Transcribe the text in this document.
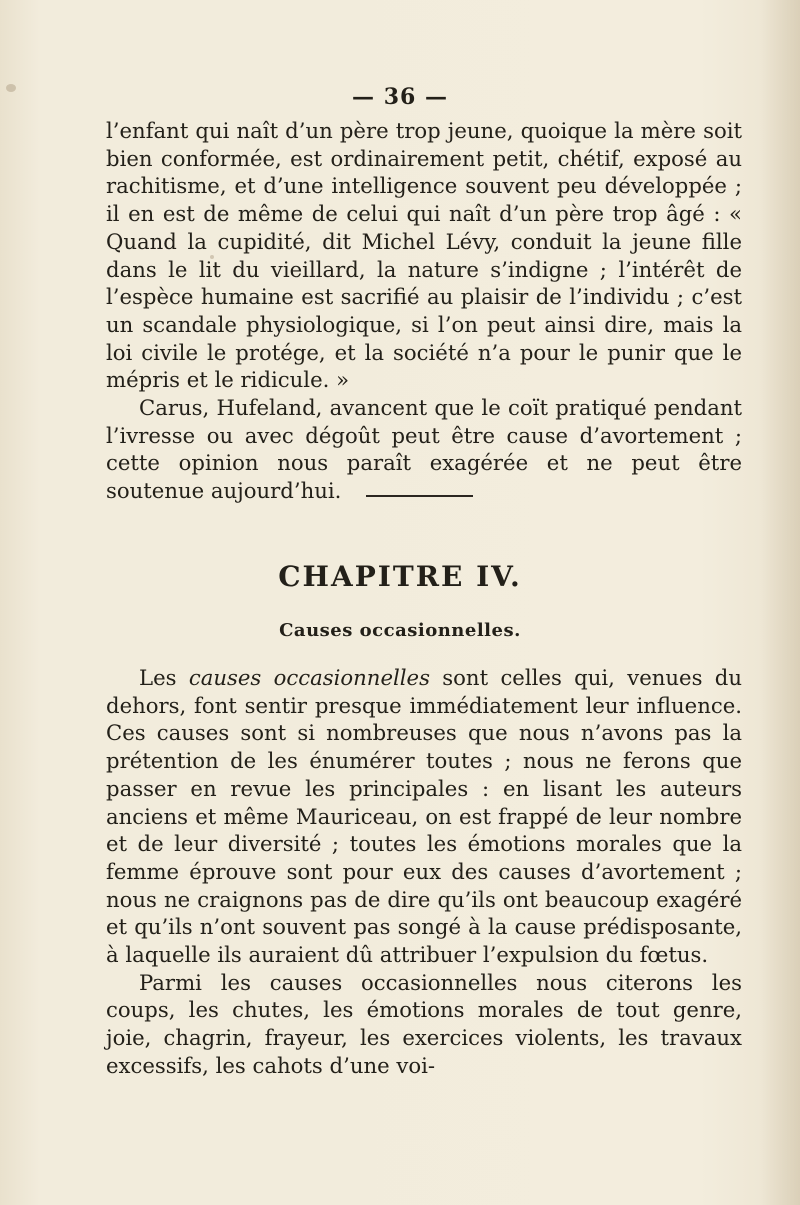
— 36 —

l’enfant qui naît d’un père trop jeune, quoique la mère soit bien conformée, est ordinairement petit, chétif, exposé au rachitisme, et d’une intelligence souvent peu développée ; il en est de même de celui qui naît d’un père trop âgé : « Quand la cupidité, dit Michel Lévy, conduit la jeune fille dans le lit du vieillard, la nature s’indigne ; l’intérêt de l’espèce humaine est sacrifié au plaisir de l’individu ; c’est un scandale physiologique, si l’on peut ainsi dire, mais la loi civile le protége, et la société n’a pour le punir que le mépris et le ridicule. »

Carus, Hufeland, avancent que le coït pratiqué pendant l’ivresse ou avec dégoût peut être cause d’avortement ; cette opinion nous paraît exagérée et ne peut être soutenue aujourd’hui.

CHAPITRE IV.
Causes occasionnelles.

Les causes occasionnelles sont celles qui, venues du dehors, font sentir presque immédiatement leur influence. Ces causes sont si nombreuses que nous n’avons pas la prétention de les énumérer toutes ; nous ne ferons que passer en revue les principales : en lisant les auteurs anciens et même Mauriceau, on est frappé de leur nombre et de leur diversité ; toutes les émotions morales que la femme éprouve sont pour eux des causes d’avortement ; nous ne craignons pas de dire qu’ils ont beaucoup exagéré et qu’ils n’ont souvent pas songé à la cause prédisposante, à laquelle ils auraient dû attribuer l’expulsion du fœtus.

Parmi les causes occasionnelles nous citerons les coups, les chutes, les émotions morales de tout genre, joie, chagrin, frayeur, les exercices violents, les travaux excessifs, les cahots d’une voi-
